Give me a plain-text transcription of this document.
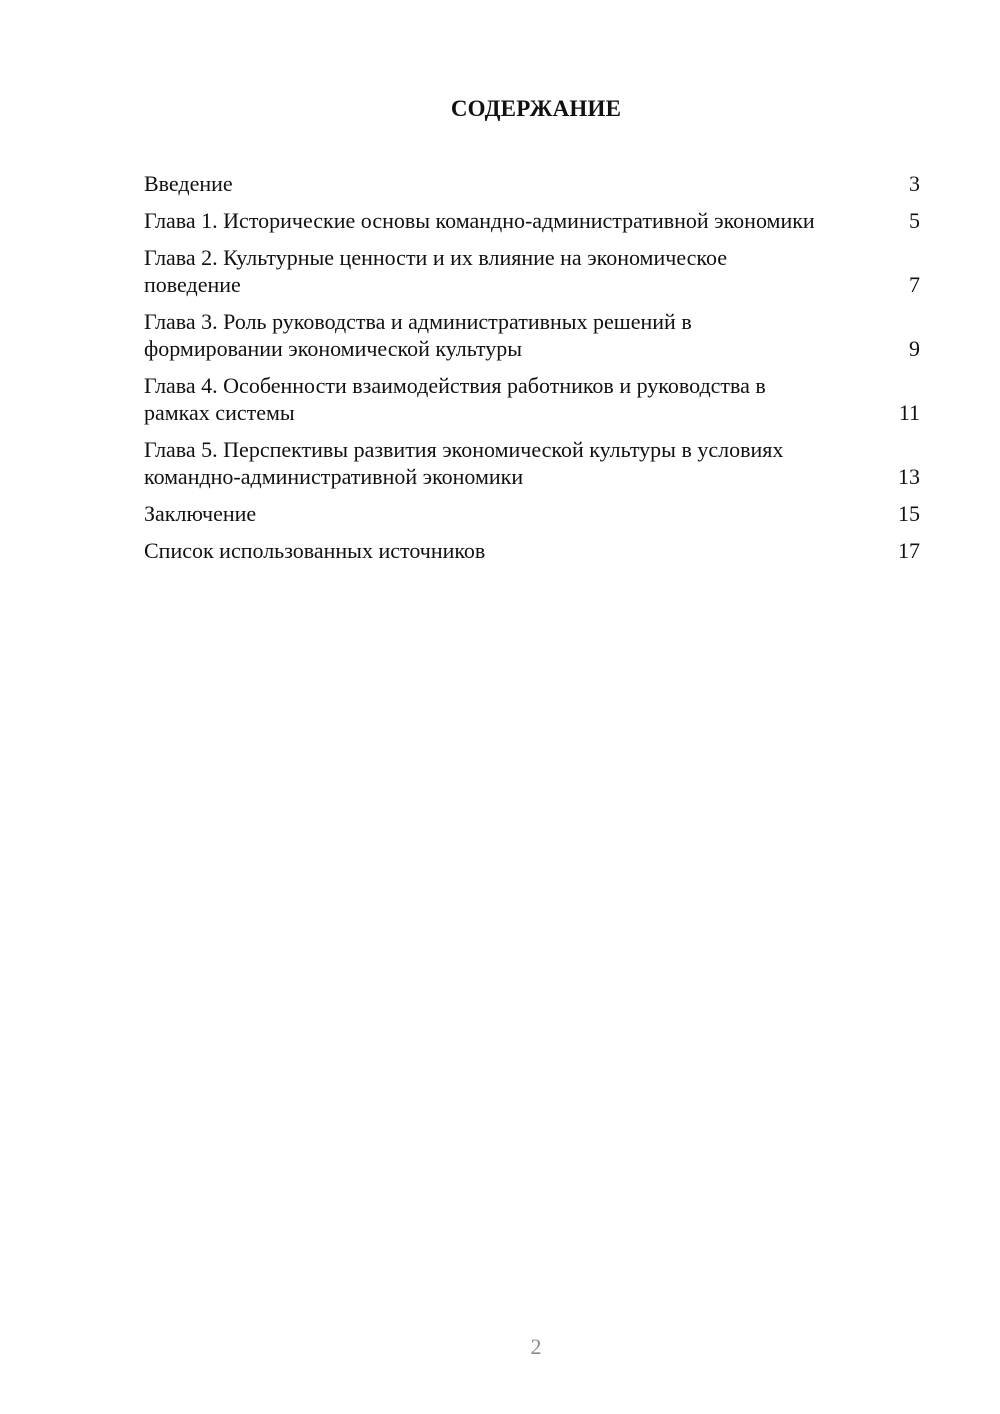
СОДЕРЖАНИЕ
Введение	3
Глава 1. Исторические основы командно-административной экономики	5
Глава 2. Культурные ценности и их влияние на экономическое поведение	7
Глава 3. Роль руководства и административных решений в формировании экономической культуры	9
Глава 4. Особенности взаимодействия работников и руководства в рамках системы	11
Глава 5. Перспективы развития экономической культуры в условиях командно-административной экономики	13
Заключение	15
Список использованных источников	17
2
